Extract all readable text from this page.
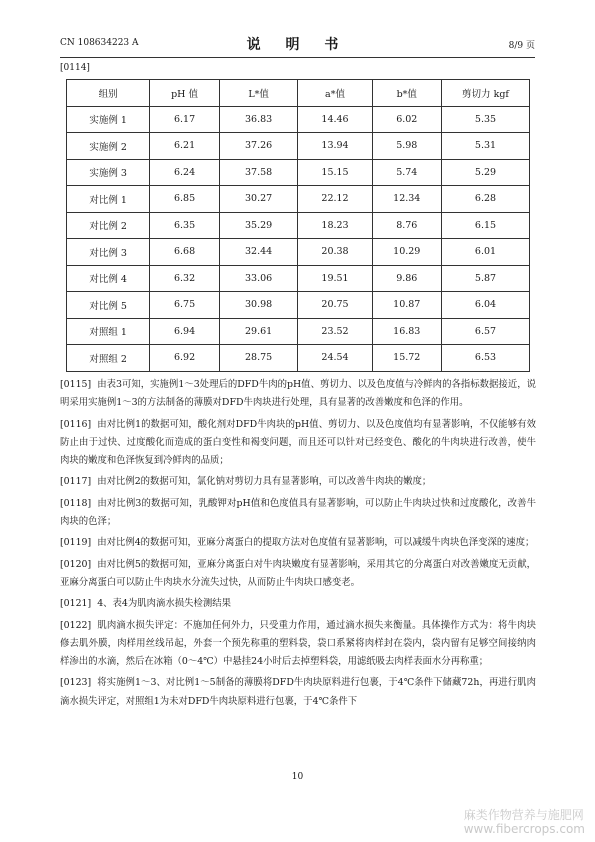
CN 108634223 A	说 明 书	8/9 页
[0114]
组别	pH 值	L*值	a*值	b*值	剪切力 kgf
实施例 1	6.17	36.83	14.46	6.02	5.35
实施例 2	6.21	37.26	13.94	5.98	5.31
实施例 3	6.24	37.58	15.15	5.74	5.29
对比例 1	6.85	30.27	22.12	12.34	6.28
对比例 2	6.35	35.29	18.23	8.76	6.15
对比例 3	6.68	32.44	20.38	10.29	6.01
对比例 4	6.32	33.06	19.51	9.86	5.87
对比例 5	6.75	30.98	20.75	10.87	6.04
对照组 1	6.94	29.61	23.52	16.83	6.57
对照组 2	6.92	28.75	24.54	15.72	6.53
[0115] 由表3可知，实施例1～3处理后的DFD牛肉的pH值、剪切力、以及色度值与冷鲜肉的各指标数据接近，说明采用实施例1～3的方法制备的薄膜对DFD牛肉块进行处理，具有显著的改善嫩度和色泽的作用。
[0116] 由对比例1的数据可知，酸化剂对DFD牛肉块的pH值、剪切力、以及色度值均有显著影响，不仅能够有效防止由于过快、过度酸化而造成的蛋白变性和褐变问题，而且还可以针对已经变色、酸化的牛肉块进行改善，使牛肉块的嫩度和色泽恢复到冷鲜肉的品质；
[0117] 由对比例2的数据可知，氯化钠对剪切力具有显著影响，可以改善牛肉块的嫩度；
[0118] 由对比例3的数据可知，乳酸钾对pH值和色度值具有显著影响，可以防止牛肉块过快和过度酸化，改善牛肉块的色泽；
[0119] 由对比例4的数据可知，亚麻分离蛋白的提取方法对色度值有显著影响，可以减缓牛肉块色泽变深的速度；
[0120] 由对比例5的数据可知，亚麻分离蛋白对牛肉块嫩度有显著影响，采用其它的分离蛋白对改善嫩度无贡献，亚麻分离蛋白可以防止牛肉块水分流失过快，从而防止牛肉块口感变老。
[0121] 4、表4为肌肉滴水损失检测结果
[0122] 肌肉滴水损失评定：不施加任何外力，只受重力作用，通过滴水损失来衡量。具体操作方式为：将牛肉块修去肌外膜，肉样用丝线吊起，外套一个预先称重的塑料袋，袋口系紧将肉样封在袋内，袋内留有足够空间接纳肉样渗出的水滴，然后在冰箱（0～4℃）中悬挂24小时后去掉塑料袋，用滤纸吸去肉样表面水分再称重；
[0123] 将实施例1～3、对比例1～5制备的薄膜将DFD牛肉块原料进行包裹，于4℃条件下储藏72h，再进行肌肉滴水损失评定，对照组1为未对DFD牛肉块原料进行包裹，于4℃条件下
10
麻类作物营养与施肥网
www.fibercrops.com
